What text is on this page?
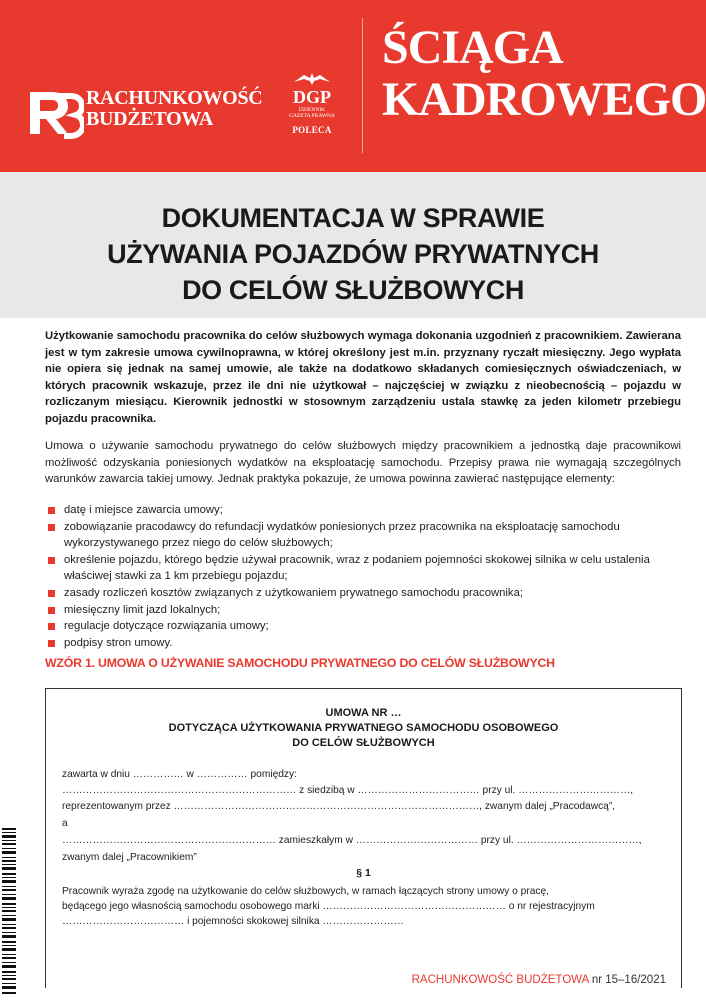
RACHUNKOWOŚĆ
BUDŻETOWA
DGP
DZIENNIK
GAZETA PRAWNA
POLECA
ŚCIĄGA
KADROWEGO
DOKUMENTACJA W SPRAWIE
UŻYWANIA POJAZDÓW PRYWATNYCH
DO CELÓW SŁUŻBOWYCH

Użytkowanie samochodu pracownika do celów służbowych wymaga dokonania uzgodnień z pracownikiem. Zawierana jest w tym zakresie umowa cywilnoprawna, w której określony jest m.in. przyznany ryczałt miesięczny. Jego wypłata nie opiera się jednak na samej umowie, ale także na dodatkowo składanych comiesięcznych oświadczeniach, w których pracownik wskazuje, przez ile dni nie użytkował – najczęściej w związku z nieobecnością – pojazdu w rozliczanym miesiącu. Kierownik jednostki w stosownym zarządzeniu ustala stawkę za jeden kilometr przebiegu pojazdu pracownika.

Umowa o używanie samochodu prywatnego do celów służbowych między pracownikiem a jednostką daje pracownikowi możliwość odzyskania poniesionych wydatków na eksploatację samochodu. Przepisy prawa nie wymagają szczególnych warunków zawarcia takiej umowy. Jednak praktyka pokazuje, że umowa powinna zawierać następujące elementy:

datę i miejsce zawarcia umowy;
zobowiązanie pracodawcy do refundacji wydatków poniesionych przez pracownika na eksploatację samochodu wykorzystywanego przez niego do celów służbowych;
określenie pojazdu, którego będzie używał pracownik, wraz z podaniem pojemności skokowej silnika w celu ustalenia właściwej stawki za 1 km przebiegu pojazdu;
zasady rozliczeń kosztów związanych z użytkowaniem prywatnego samochodu pracownika;
miesięczny limit jazd lokalnych;
regulacje dotyczące rozwiązania umowy;
podpisy stron umowy.
WZÓR 1. UMOWA O UŻYWANIE SAMOCHODU PRYWATNEGO DO CELÓW SŁUŻBOWYCH
UMOWA NR …
DOTYCZĄCA UŻYTKOWANIA PRYWATNEGO SAMOCHODU OSOBOWEGO
DO CELÓW SŁUŻBOWYCH
zawarta w dniu …………… w …………… pomiędzy:
…………………………………………………………… z siedzibą w ……………………………… przy ul. ……………………………,
reprezentowanym przez ………………………………………………………………………………, zwanym dalej „Pracodawcą”,
a
……………………………………………………… zamieszkałym w ……………………………… przy ul. ………………………………,
zwanym dalej „Pracownikiem”
§ 1
Pracownik wyraża zgodę na użytkowanie do celów służbowych, w ramach łączących strony umowy o pracę,
będącego jego własnością samochodu osobowego marki ……………………………………………… o nr rejestracyjnym
……………………………… i pojemności skokowej silnika ……………………
RACHUNKOWOŚĆ BUDŻETOWA nr 15–16/2021
